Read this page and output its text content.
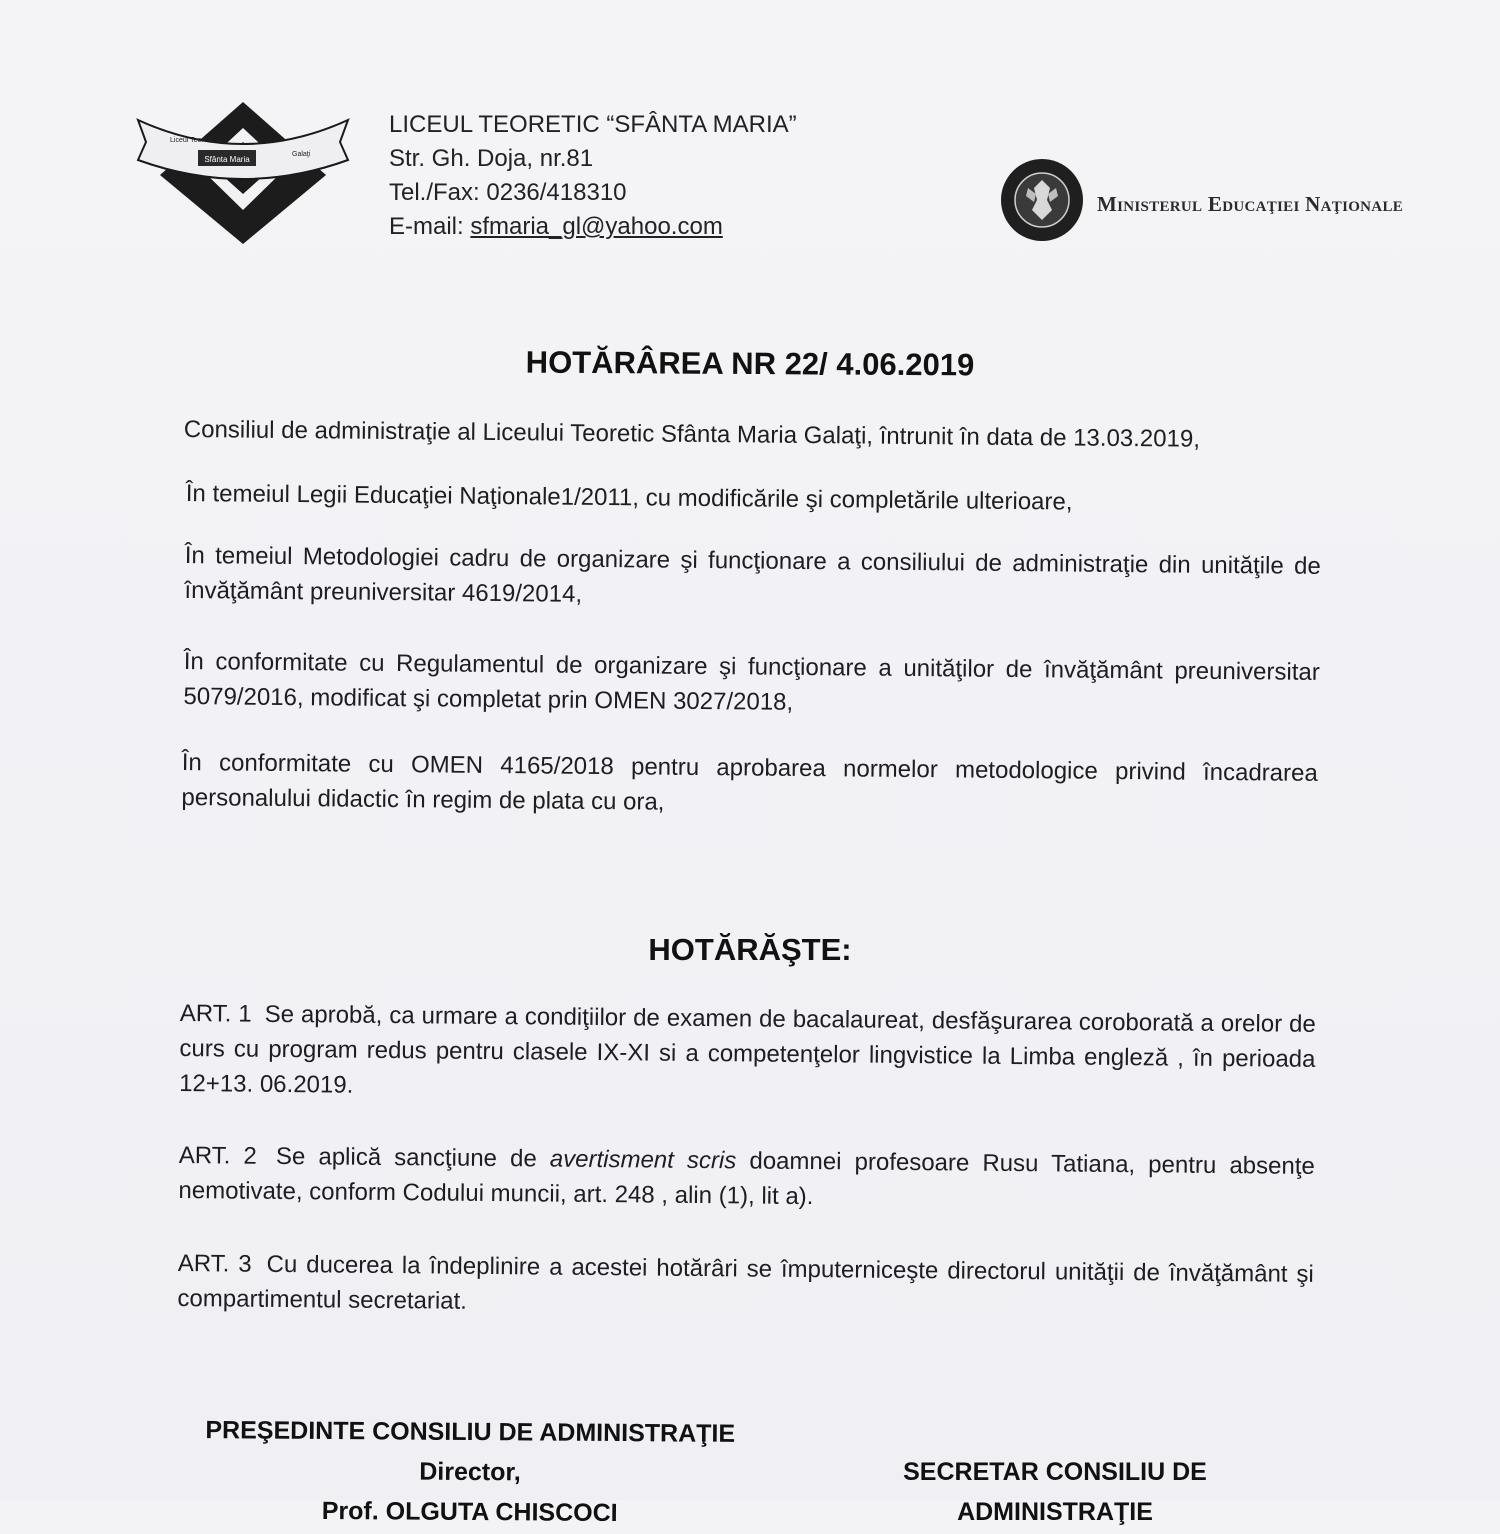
Sfânta Maria
Liceul Teoretic
Galaţi
LICEUL TEORETIC “SFÂNTA MARIA”
Str. Gh. Doja, nr.81
Tel./Fax: 0236/418310
E-mail: sfmaria_gl@yahoo.com
Ministerul Educaţiei Naţionale
HOTĂRÂREA NR 22/ 4.06.2019
Consiliul de administraţie al Liceului Teoretic Sfânta Maria Galaţi, întrunit în data de 13.03.2019,
În temeiul Legii Educaţiei Naţionale1/2011, cu modificările şi completările ulterioare,
În temeiul Metodologiei cadru de organizare şi funcţionare a consiliului de administraţie din unităţile de învăţământ preuniversitar 4619/2014,
În conformitate cu Regulamentul de organizare şi funcţionare a unităţilor de învăţământ preuniversitar 5079/2016, modificat şi completat prin OMEN 3027/2018,
În conformitate cu OMEN 4165/2018 pentru aprobarea normelor metodologice privind încadrarea personalului didactic în regim de plata cu ora,
HOTĂRĂŞTE:
ART. 1 Se aprobă, ca urmare a condiţiilor de examen de bacalaureat, desfăşurarea coroborată a orelor de curs cu program redus pentru clasele IX-XI si a competenţelor lingvistice la Limba engleză , în perioada 12+13. 06.2019.
ART. 2 Se aplică sancţiune de avertisment scris doamnei profesoare Rusu Tatiana, pentru absenţe nemotivate, conform Codului muncii, art. 248 , alin (1), lit a).
ART. 3 Cu ducerea la îndeplinire a acestei hotărâri se împuterniceşte directorul unităţii de învăţământ şi compartimentul secretariat.
PREŞEDINTE CONSILIU DE ADMINISTRAŢIE
Director,
Prof. OLGUTA CHISCOCI
SECRETAR CONSILIU DE ADMINISTRAŢIE
